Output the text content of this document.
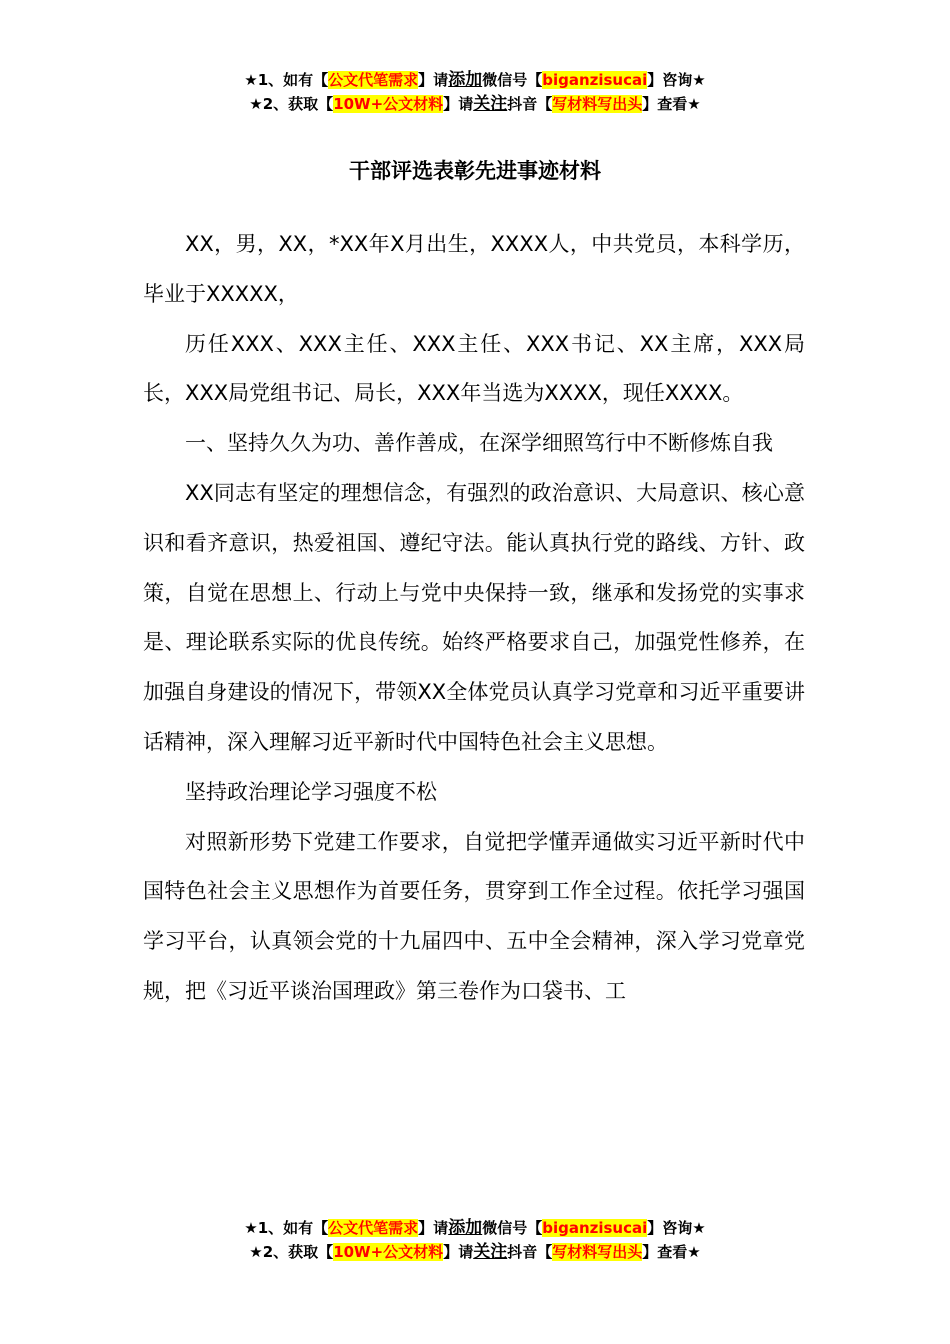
★1、如有【公文代笔需求】请添加微信号【biganzisucai】咨询★
★2、获取【10W+公文材料】请关注抖音【写材料写出头】查看★
干部评选表彰先进事迹材料

XX，男，XX，*XX年X月出生，XXXX人，中共党员，本科学历，毕业于XXXXX，

历任XXX、XXX主任、XXX主任、XXX书记、XX主席，XXX局长，XXX局党组书记、局长，XXX年当选为XXXX，现任XXXX。

一、坚持久久为功、善作善成，在深学细照笃行中不断修炼自我

XX同志有坚定的理想信念，有强烈的政治意识、大局意识、核心意识和看齐意识，热爱祖国、遵纪守法。能认真执行党的路线、方针、政策，自觉在思想上、行动上与党中央保持一致，继承和发扬党的实事求是、理论联系实际的优良传统。始终严格要求自己，加强党性修养，在加强自身建设的情况下，带领XX全体党员认真学习党章和习近平重要讲话精神，深入理解习近平新时代中国特色社会主义思想。

坚持政治理论学习强度不松

对照新形势下党建工作要求，自觉把学懂弄通做实习近平新时代中国特色社会主义思想作为首要任务，贯穿到工作全过程。依托学习强国学习平台，认真领会党的十九届四中、五中全会精神，深入学习党章党规，把《习近平谈治国理政》第三卷作为口袋书、工

★1、如有【公文代笔需求】请添加微信号【biganzisucai】咨询★
★2、获取【10W+公文材料】请关注抖音【写材料写出头】查看★
